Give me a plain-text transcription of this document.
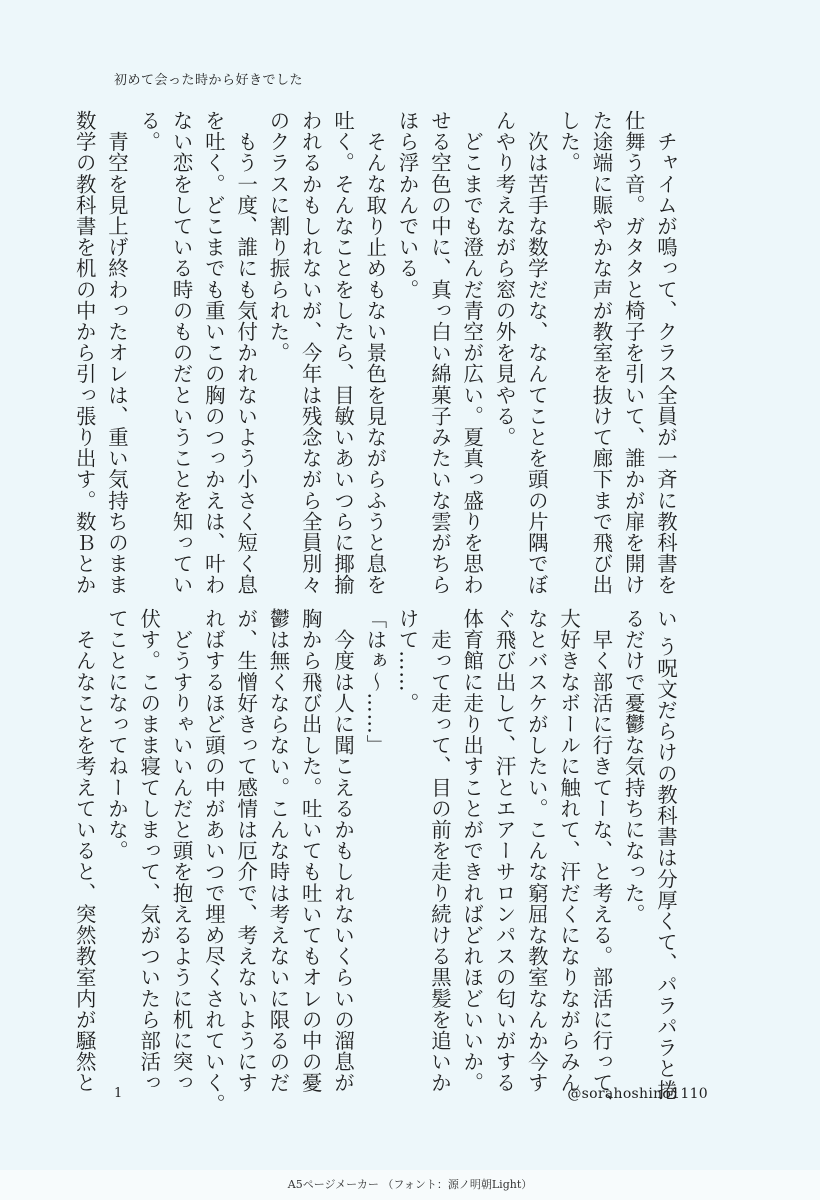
初めて会った時から好きでした
　チャイムが鳴って、クラス全員が一斉に教科書を
仕舞う音。ガタタと椅子を引いて、誰かが扉を開け
た途端に賑やかな声が教室を抜けて廊下まで飛び出
した。
　次は苦手な数学だな、なんてことを頭の片隅でぼ
んやり考えながら窓の外を見やる。
　どこまでも澄んだ青空が広い。夏真っ盛りを思わ
せる空色の中に、真っ白い綿菓子みたいな雲がちら
ほら浮かんでいる。
　そんな取り止めもない景色を見ながらふうと息を
吐く。そんなことをしたら、目敏いあいつらに揶揄
われるかもしれないが、今年は残念ながら全員別々
のクラスに割り振られた。
　もう一度、誰にも気付かれないよう小さく短く息
を吐く。どこまでも重いこの胸のつっかえは、叶わ
ない恋をしている時のものだということを知ってい
る。
　青空を見上げ終わったオレは、重い気持ちのまま
数学の教科書を机の中から引っ張り出す。数Ｂとか
い う呪文だらけの教科書は分厚くて、パラパラと捲
るだけで憂鬱な気持ちになった。
　早く部活に行きてーな、と考える。部活に行って、
大好きなボールに触れて、汗だくになりながらみん
なとバスケがしたい。こんな窮屈な教室なんか今す
ぐ飛び出して、汗とエアーサロンパスの匂いがする
体育館に走り出すことができればどれほどいいか。
　走って走って、目の前を走り続ける黒髪を追いか
けて……。
「はぁ～……」
　今度は人に聞こえるかもしれないくらいの溜息が
胸から飛び出した。吐いても吐いてもオレの中の憂
鬱は無くならない。こんな時は考えないに限るのだ
が、生憎好きって感情は厄介で、考えないようにす
ればするほど頭の中があいつで埋め尽くされていく。
　どうすりゃいいんだと頭を抱えるように机に突っ
伏す。このまま寝てしまって、気がついたら部活っ
てことになってねーかな。
　そんなことを考えていると、突然教室内が騒然と
1	@sorahoshino1110
A5ページメーカー （フォント：源ノ明朝Light）
